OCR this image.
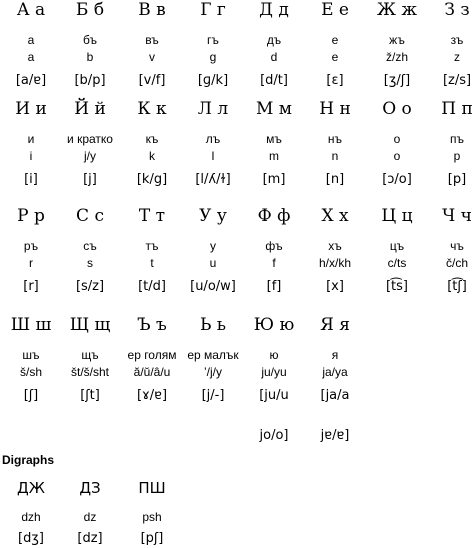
А а
а
a
[a/ɐ]
Б б
бъ
b
[b/p]
В в
въ
v
[v/f]
Г г
гъ
g
[ɡ/k]
Д д
дъ
d
[d/t]
Е е
е
e
[ɛ]
Ж ж
жъ
ž/zh
[ʒ/ʃ]
З з
зъ
z
[z/s]
И и
и
i
[i]
Й й
и кратко
j/y
[j]
К к
къ
k
[k/g]
Л л
лъ
l
[l/ʎ/ɫ]
М м
мъ
m
[m]
Н н
нъ
n
[n]
О о
о
o
[ɔ/o]
П п
пъ
p
[p]
Р р
ръ
r
[r]
С с
съ
s
[s/z]
Т т
тъ
t
[t/d]
У у
у
u
[u/o/w]
Ф ф
фъ
f
[f]
Х х
хъ
h/x/kh
[x]
Ц ц
цъ
c/ts
[t͡s]
Ч ч
чъ
č/ch
[t͡ʃ]
Ш ш
шъ
š/sh
[ʃ]
Щ щ
щъ
št/š/sht
[ʃt]
Ъ ъ
ер голям
ă/ŭ/â/u
[ɤ/ɐ]
Ь ь
ер малък
’/j/y
[j/-]
Ю ю
ю
ju/yu
[ju/u
jo/o]
Я я
я
ja/ya
[ja/a
jɐ/ɐ]
Digraphs
ДЖ
dzh
[dʒ]
ДЗ
dz
[dz]
ПШ
psh
[pʃ]
